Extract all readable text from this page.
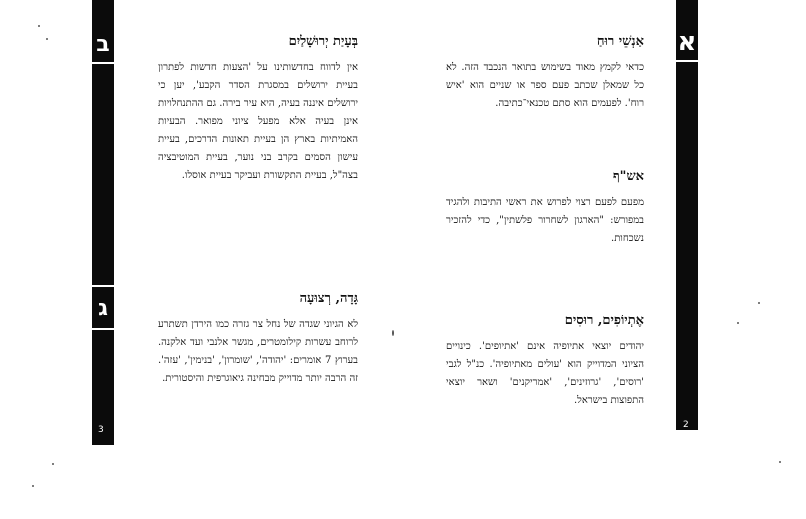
ב
ג
3
א
2
בְּעָיַת יְרוּשָׁלַיִם

אין לדווח בחדשותינו על 'הצעות חדשות לפתרון בעיית ירושלים במסגרת הסדר הקבע', יען כי ירושלים איננה בעיה, היא עיר בירה. גם ההתנחלויות אינן בעיה אלא מפעל ציוני מפואר. הבעיות האמיתיות בארץ הן בעיית תאונות הדרכים, בעיית עישון הסמים בקרב בני נוער, בעיית המוטיבציה בצה"ל, בעיית התקשורת ועביקר בעיית אוסלו.

גָּדָה, רְצוּעָה

לא הגיוני שגדה של נחל צר גזרה כמו הירדן תשתרע לרוחב עשרות קילומטרים, מגשר אלנבי ועד אלקנה. בערוץ 7 אומרים: 'יהודה', 'שומרון', 'בנימין', 'עזה'. זה הרבה יותר מדוייק מבחינה גיאוגרפית והיסטורית.

אַנְשֵׁי רוּחַ

כדאי לקמץ מאוד בשימוש בתואר הנכבד הזה. לא כל שמאלן שכתב פעם ספר או שניים הוא 'איש רוח'. לפעמים הוא סתם טכנאי־כתיבה.

אש"ף

מפעם לפעם רצוי לפרוש את ראשי התיבות ולהגיד במפורש: "הארגון לשחרור פלשתין", כדי להזכיר נשכחות.

אֶתְיוֹפִים, רוּסִים

יהודים יוצאי אתיופיה אינם 'אתיופים'. כינויים הציוני המדוייק הוא 'עולים מאתיופיה'. כנ"ל לגבי 'רוסים', 'גרוזינים', 'אמריקנים' ושאר יוצאי התפוצות בישראל.
